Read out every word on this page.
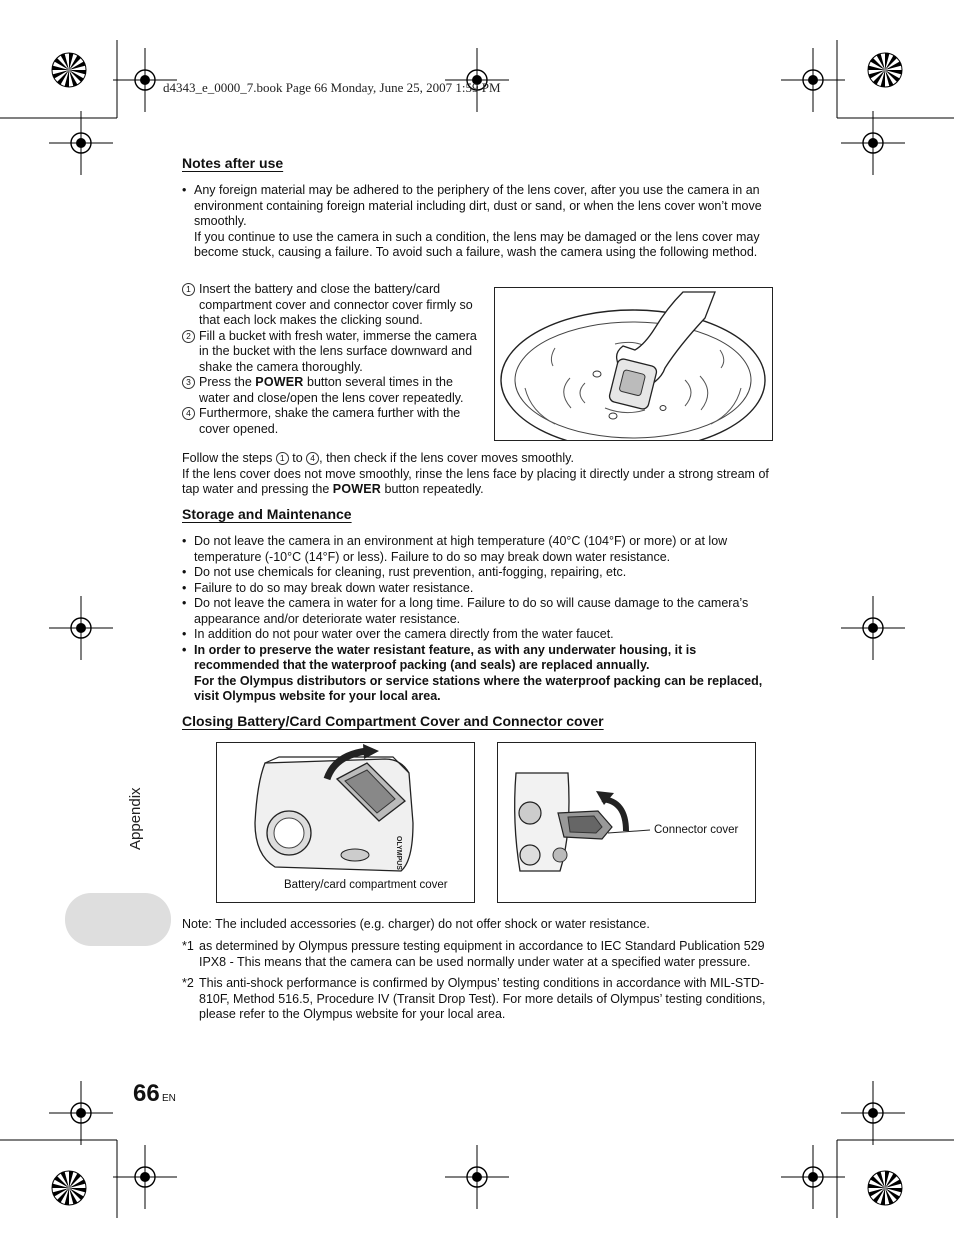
d4343_e_0000_7.book Page 66 Monday, June 25, 2007 1:59 PM
Notes after use
• Any foreign material may be adhered to the periphery of the lens cover, after you use the camera in an environment containing foreign material including dirt, dust or sand, or when the lens cover won’t move smoothly.
If you continue to use the camera in such a condition, the lens may be damaged or the lens cover may become stuck, causing a failure. To avoid such a failure, wash the camera using the following method.
1 Insert the battery and close the battery/card compartment cover and connector cover firmly so that each lock makes the clicking sound.
2 Fill a bucket with fresh water, immerse the camera in the bucket with the lens surface downward and shake the camera thoroughly.
3 Press the POWER button several times in the water and close/open the lens cover repeatedly.
4 Furthermore, shake the camera further with the cover opened.
Follow the steps 1 to 4 , then check if the lens cover moves smoothly.
If the lens cover does not move smoothly, rinse the lens face by placing it directly under a strong stream of tap water and pressing the POWER button repeatedly.
Storage and Maintenance
• Do not leave the camera in an environment at high temperature (40°C (104°F) or more) or at low temperature (-10°C (14°F) or less). Failure to do so may break down water resistance.
• Do not use chemicals for cleaning, rust prevention, anti-fogging, repairing, etc.
• Failure to do so may break down water resistance.
• Do not leave the camera in water for a long time. Failure to do so will cause damage to the camera’s appearance and/or deteriorate water resistance.
• In addition do not pour water over the camera directly from the water faucet.
• In order to preserve the water resistant feature, as with any underwater housing, it is recommended that the waterproof packing (and seals) are replaced annually.
For the Olympus distributors or service stations where the waterproof packing can be replaced, visit Olympus website for your local area.
Closing Battery/Card Compartment Cover and Connector cover
OLYMPUS
Battery/card compartment cover
Connector cover
Note: The included accessories (e.g. charger) do not offer shock or water resistance.

*1 as determined by Olympus pressure testing equipment in accordance to IEC Standard Publication 529 IPX8 - This means that the camera can be used normally under water at a specified water pressure.

*2 This anti-shock performance is confirmed by Olympus’ testing conditions in accordance with MIL-STD-810F, Method 516.5, Procedure IV (Transit Drop Test). For more details of Olympus’ testing conditions, please refer to the Olympus website for your local area.

Appendix
66 EN
